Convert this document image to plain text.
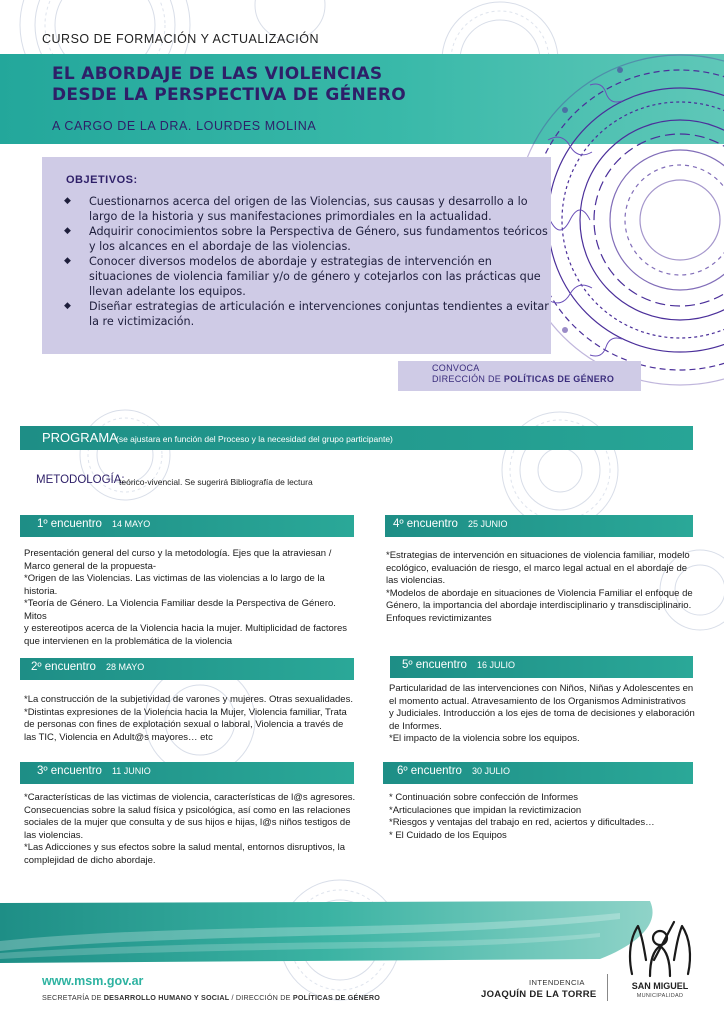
CURSO DE FORMACIÓN Y ACTUALIZACIÓN
EL ABORDAJE DE LAS VIOLENCIAS
DESDE LA PERSPECTIVA DE GÉNERO
A CARGO DE LA DRA. LOURDES MOLINA
OBJETIVOS:
◆ Cuestionarnos acerca del origen de las Violencias, sus causas y desarrollo a lo largo de la historia y sus manifestaciones primordiales en la actualidad.
◆ Adquirir conocimientos sobre la Perspectiva de Género, sus fundamentos teóricos y los alcances en el abordaje de las violencias.
◆ Conocer diversos modelos de abordaje y estrategias de intervención en situaciones de violencia familiar y/o de género y cotejarlos con las prácticas que llevan adelante los equipos.
◆ Diseñar estrategias de articulación e intervenciones conjuntas tendientes a evitar la re victimización.
CONVOCA
DIRECCIÓN DE POLÍTICAS DE GÉNERO
PROGRAMA
(se ajustara en función del Proceso y la necesidad del grupo participante)
METODOLOGÍA:
teórico-vivencial. Se sugerirá Bibliografía de lectura
1º encuentro 14 MAYO

Presentación general del curso y la metodología. Ejes que la atraviesan /

Marco general de la propuesta-

*Origen de las Violencias. Las victimas de las violencias a lo largo de la

historia.

*Teoría de Género. La Violencia Familiar desde la Perspectiva de Género. Mitos

y estereotipos acerca de la Violencia hacia la mujer. Multiplicidad de factores

que intervienen en la problemática de la violencia

2º encuentro 28 MAYO

*La construcción de la subjetividad de varones y mujeres. Otras sexualidades.

*Distintas expresiones de la Violencia hacia la Mujer, Violencia familiar, Trata

de personas con fines de explotación sexual o laboral, Violencia a través de

las TIC, Violencia en Adult@s mayores… etc

3º encuentro 11 JUNIO

*Características de las victimas de violencia, características de l@s agresores.

Consecuencias sobre la salud física y psicológica, así como en las relaciones

sociales de la mujer que consulta y de sus hijos e hijas, l@s niños testigos de

las violencias.

*Las Adicciones y sus efectos sobre la salud mental, entornos disruptivos, la

complejidad de dicho abordaje.

4º encuentro 25 JUNIO

*Estrategias de intervención en situaciones de violencia familiar, modelo

ecológico, evaluación de riesgo, el marco legal actual en el abordaje de

las violencias.

*Modelos de abordaje en situaciones de Violencia Familiar el enfoque de

Género, la importancia del abordaje interdisciplinario y transdisciplinario.

Enfoques revictimizantes

5º encuentro 16 JULIO

Particularidad de las intervenciones con Niños, Niñas y Adolescentes en

el momento actual. Atravesamiento de los Organismos Administrativos

y Judiciales. Introducción a los ejes de toma de decisiones y elaboración

de Informes.

*El impacto de la violencia sobre los equipos.

6º encuentro 30 JULIO

* Continuación sobre confección de Informes

*Articulaciones que impidan la revictimizacion

*Riesgos y ventajas del trabajo en red, aciertos y dificultades…

* El Cuidado de los Equipos

www.msm.gov.ar
SECRETARÍA DE DESARROLLO HUMANO Y SOCIAL / DIRECCIÓN DE POLÍTICAS DE GÉNERO
INTENDENCIA
JOAQUÍN DE LA TORRE
SAN MIGUEL
MUNICIPALIDAD
